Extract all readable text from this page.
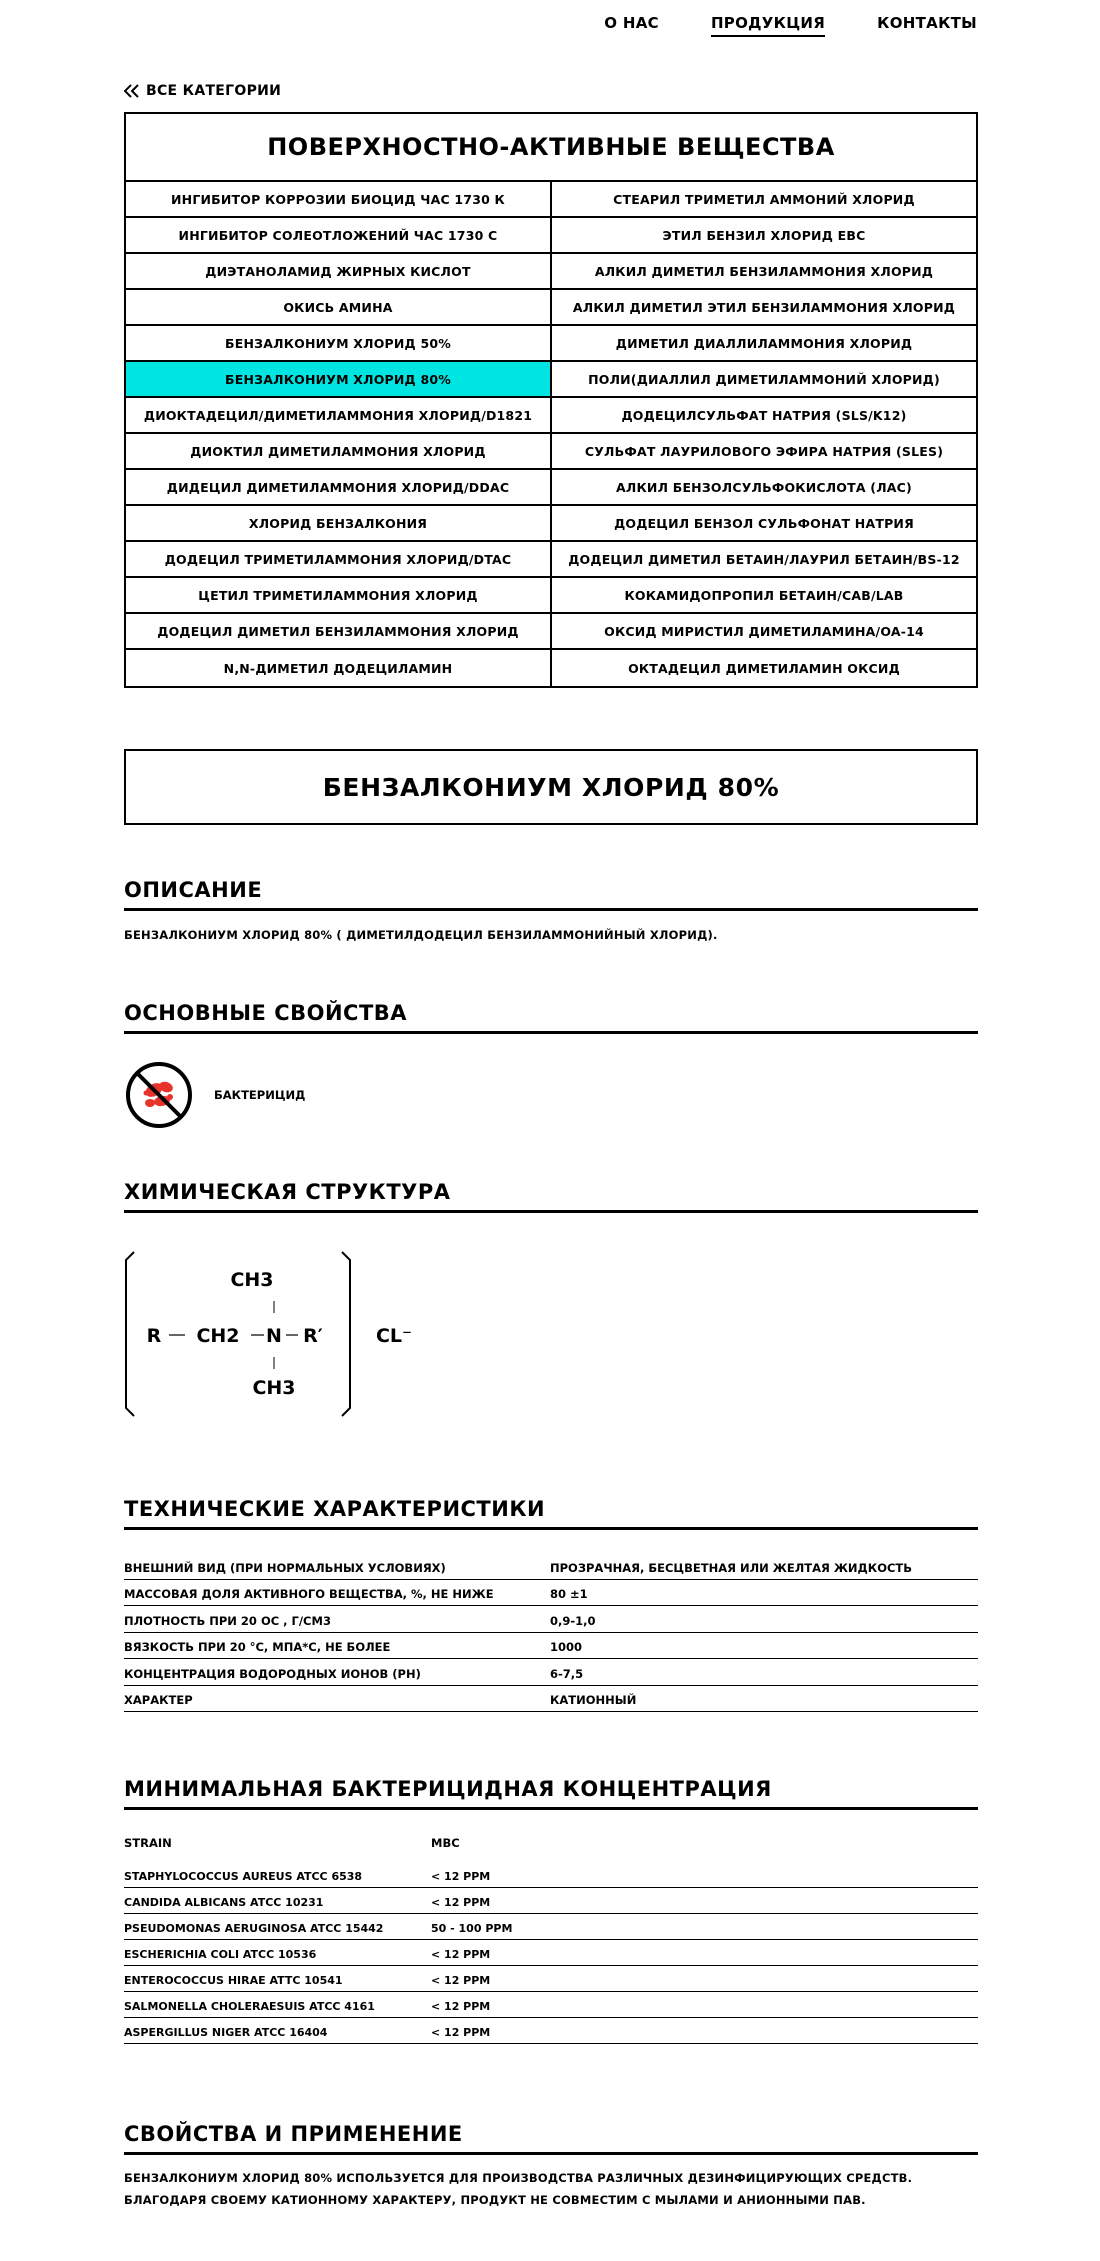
О НАС	ПРОДУКЦИЯ	КОНТАКТЫ
ВСЕ КАТЕГОРИИ
ПОВЕРХНОСТНО-АКТИВНЫЕ ВЕЩЕСТВА
ИНГИБИТОР КОРРОЗИИ БИОЦИД ЧАС 1730 К	СТЕАРИЛ ТРИМЕТИЛ АММОНИЙ ХЛОРИД
ИНГИБИТОР СОЛЕОТЛОЖЕНИЙ ЧАС 1730 С	ЭТИЛ БЕНЗИЛ ХЛОРИД EBC
ДИЭТАНОЛАМИД ЖИРНЫХ КИСЛОТ	АЛКИЛ ДИМЕТИЛ БЕНЗИЛАММОНИЯ ХЛОРИД
ОКИСЬ АМИНА	АЛКИЛ ДИМЕТИЛ ЭТИЛ БЕНЗИЛАММОНИЯ ХЛОРИД
БЕНЗАЛКОНИУМ ХЛОРИД 50%	ДИМЕТИЛ ДИАЛЛИЛАММОНИЯ ХЛОРИД
БЕНЗАЛКОНИУМ ХЛОРИД 80%	ПОЛИ(ДИАЛЛИЛ ДИМЕТИЛАММОНИЙ ХЛОРИД)
ДИОКТАДЕЦИЛ/ДИМЕТИЛАММОНИЯ ХЛОРИД/D1821	ДОДЕЦИЛСУЛЬФАТ НАТРИЯ (SLS/K12)
ДИОКТИЛ ДИМЕТИЛАММОНИЯ ХЛОРИД	СУЛЬФАТ ЛАУРИЛОВОГО ЭФИРА НАТРИЯ (SLES)
ДИДЕЦИЛ ДИМЕТИЛАММОНИЯ ХЛОРИД/DDAC	АЛКИЛ БЕНЗОЛСУЛЬФОКИСЛОТА (ЛАС)
ХЛОРИД БЕНЗАЛКОНИЯ	ДОДЕЦИЛ БЕНЗОЛ СУЛЬФОНАТ НАТРИЯ
ДОДЕЦИЛ ТРИМЕТИЛАММОНИЯ ХЛОРИД/DTAC	ДОДЕЦИЛ ДИМЕТИЛ БЕТАИН/ЛАУРИЛ БЕТАИН/BS-12
ЦЕТИЛ ТРИМЕТИЛАММОНИЯ ХЛОРИД	КОКАМИДОПРОПИЛ БЕТАИН/CAB/LAB
ДОДЕЦИЛ ДИМЕТИЛ БЕНЗИЛАММОНИЯ ХЛОРИД	ОКСИД МИРИСТИЛ ДИМЕТИЛАМИНА/OA-14
N,N-ДИМЕТИЛ ДОДЕЦИЛАМИН	ОКТАДЕЦИЛ ДИМЕТИЛАМИН ОКСИД
БЕНЗАЛКОНИУМ ХЛОРИД 80%
ОПИСАНИЕ
БЕНЗАЛКОНИУМ ХЛОРИД 80% ( ДИМЕТИЛДОДЕЦИЛ БЕНЗИЛАММОНИЙНЫЙ ХЛОРИД).
ОСНОВНЫЕ СВОЙСТВА
БАКТЕРИЦИД
ХИМИЧЕСКАЯ СТРУКТУРА
CH3
R CH2 N R′
CH3
CL⁻
ТЕХНИЧЕСКИЕ ХАРАКТЕРИСТИКИ
ВНЕШНИЙ ВИД (ПРИ НОРМАЛЬНЫХ УСЛОВИЯХ)	ПРОЗРАЧНАЯ, БЕСЦВЕТНАЯ ИЛИ ЖЕЛТАЯ ЖИДКОСТЬ
МАССОВАЯ ДОЛЯ АКТИВНОГО ВЕЩЕСТВА, %, НЕ НИЖЕ	80 ±1
ПЛОТНОСТЬ ПРИ 20 ОС , Г/СМ3	0,9-1,0
ВЯЗКОСТЬ ПРИ 20 °С, МПА*С, НЕ БОЛЕЕ	1000
КОНЦЕНТРАЦИЯ ВОДОРОДНЫХ ИОНОВ (PH)	6-7,5
ХАРАКТЕР	КАТИОННЫЙ
МИНИМАЛЬНАЯ БАКТЕРИЦИДНАЯ КОНЦЕНТРАЦИЯ
STRAIN	MBC
STAPHYLOCOCCUS AUREUS ATCC 6538	< 12 PPM
CANDIDA ALBICANS ATCC 10231	< 12 PPM
PSEUDOMONAS AERUGINOSA ATCC 15442	50 - 100 PPM
ESCHERICHIA COLI ATCC 10536	< 12 PPM
ENTEROCOCCUS HIRAE ATTC 10541	< 12 PPM
SALMONELLA CHOLERAESUIS ATCC 4161	< 12 PPM
ASPERGILLUS NIGER ATCC 16404	< 12 PPM
СВОЙСТВА И ПРИМЕНЕНИЕ
БЕНЗАЛКОНИУМ ХЛОРИД 80% ИСПОЛЬЗУЕТСЯ ДЛЯ ПРОИЗВОДСТВА РАЗЛИЧНЫХ ДЕЗИНФИЦИРУЮЩИХ СРЕДСТВ.
БЛАГОДАРЯ СВОЕМУ КАТИОННОМУ ХАРАКТЕРУ, ПРОДУКТ НЕ СОВМЕСТИМ С МЫЛАМИ И АНИОННЫМИ ПАВ.
